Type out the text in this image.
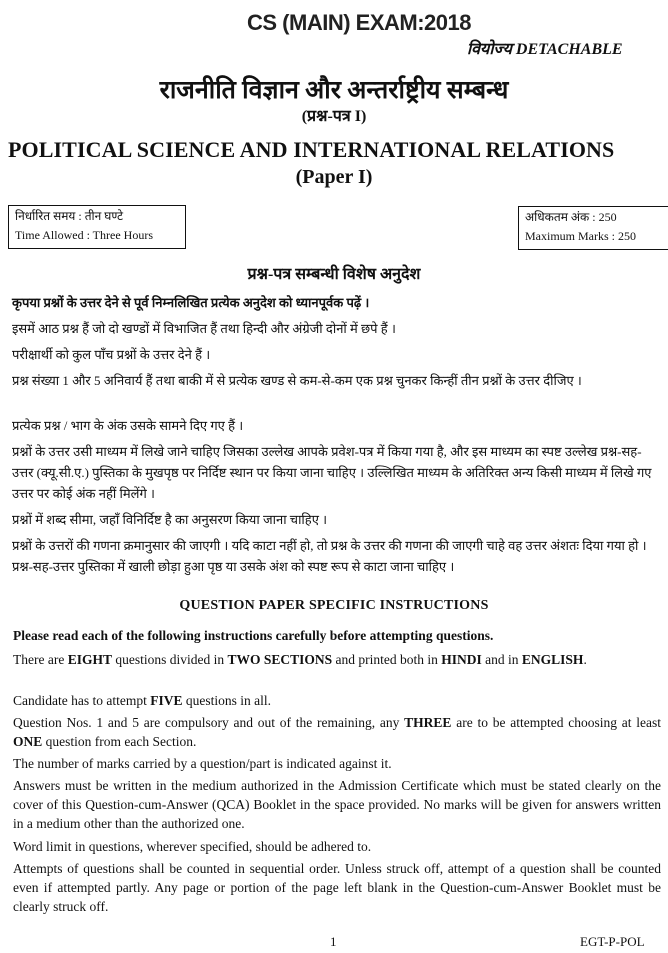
CS (MAIN) EXAM:2018
वियोज्य DETACHABLE
राजनीति विज्ञान और अन्तर्राष्ट्रीय सम्बन्ध
(प्रश्न-पत्र I)
POLITICAL SCIENCE AND INTERNATIONAL RELATIONS
(Paper I)
निर्धारित समय : तीन घण्टे
Time Allowed : Three Hours
अधिकतम अंक : 250
Maximum Marks : 250
प्रश्न-पत्र सम्बन्धी विशेष अनुदेश
कृपया प्रश्नों के उत्तर देने से पूर्व निम्नलिखित प्रत्येक अनुदेश को ध्यानपूर्वक पढ़ें ।
इसमें आठ प्रश्न हैं जो दो खण्डों में विभाजित हैं तथा हिन्दी और अंग्रेजी दोनों में छपे हैं ।
परीक्षार्थी को कुल पाँच प्रश्नों के उत्तर देने हैं ।
प्रश्न संख्या 1 और 5 अनिवार्य हैं तथा बाकी में से प्रत्येक खण्ड से कम-से-कम एक प्रश्न चुनकर किन्हीं तीन प्रश्नों के उत्तर दीजिए ।
प्रत्येक प्रश्न / भाग के अंक उसके सामने दिए गए हैं ।
प्रश्नों के उत्तर उसी माध्यम में लिखे जाने चाहिए जिसका उल्लेख आपके प्रवेश-पत्र में किया गया है, और इस माध्यम का स्पष्ट उल्लेख प्रश्न-सह-उत्तर (क्यू.सी.ए.) पुस्तिका के मुखपृष्ठ पर निर्दिष्ट स्थान पर किया जाना चाहिए । उल्लिखित माध्यम के अतिरिक्त अन्य किसी माध्यम में लिखे गए उत्तर पर कोई अंक नहीं मिलेंगे ।
प्रश्नों में शब्द सीमा, जहाँ विनिर्दिष्ट है का अनुसरण किया जाना चाहिए ।
प्रश्नों के उत्तरों की गणना क्रमानुसार की जाएगी । यदि काटा नहीं हो, तो प्रश्न के उत्तर की गणना की जाएगी चाहे वह उत्तर अंशतः दिया गया हो । प्रश्न-सह-उत्तर पुस्तिका में खाली छोड़ा हुआ पृष्ठ या उसके अंश को स्पष्ट रूप से काटा जाना चाहिए ।
QUESTION PAPER SPECIFIC INSTRUCTIONS
Please read each of the following instructions carefully before attempting questions.
There are EIGHT questions divided in TWO SECTIONS and printed both in HINDI and in ENGLISH.
Candidate has to attempt FIVE questions in all.
Question Nos. 1 and 5 are compulsory and out of the remaining, any THREE are to be attempted choosing at least ONE question from each Section.
The number of marks carried by a question/part is indicated against it.
Answers must be written in the medium authorized in the Admission Certificate which must be stated clearly on the cover of this Question-cum-Answer (QCA) Booklet in the space provided. No marks will be given for answers written in a medium other than the authorized one.
Word limit in questions, wherever specified, should be adhered to.
Attempts of questions shall be counted in sequential order. Unless struck off, attempt of a question shall be counted even if attempted partly. Any page or portion of the page left blank in the Question-cum-Answer Booklet must be clearly struck off.
1	EGT-P-POL
